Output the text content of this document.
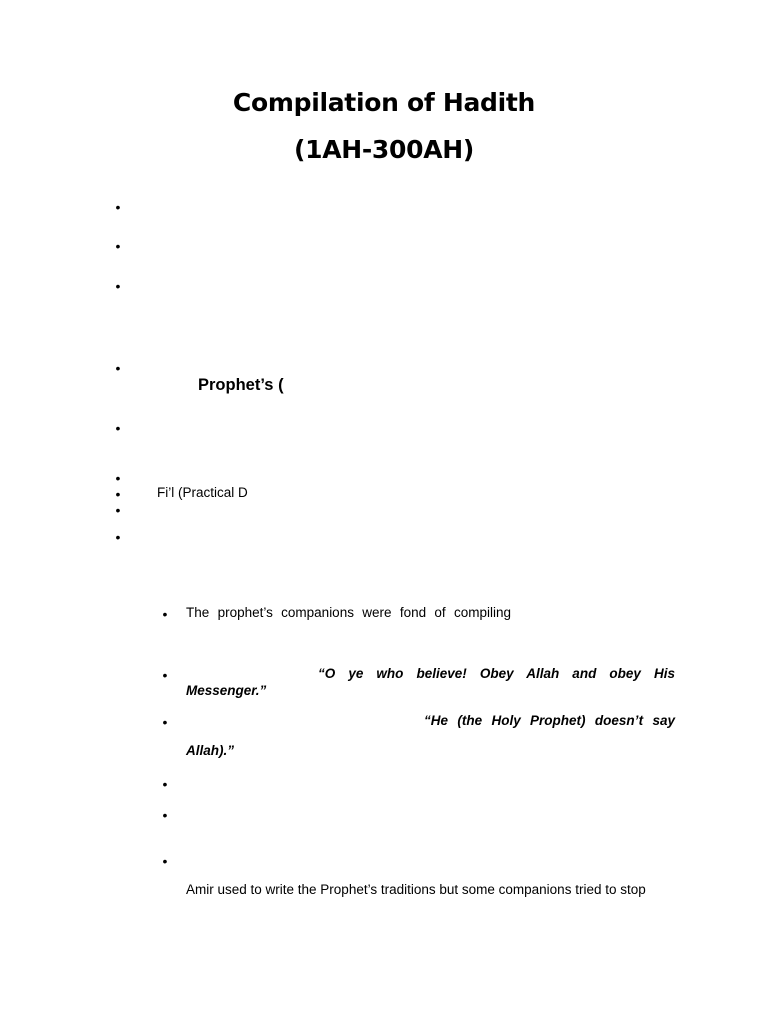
Compilation of Hadith
(1AH-300AH)
•
•
•
•
Prophet’s (
•
•
•	Fi’l (Practical D
•
•
• The prophet’s companions were fond of compiling
•	“O ye who believe! Obey Allah and obey His
Messenger.”
•	“He (the Holy Prophet) doesn’t say
Allah).”
•
•
•
Amir used to write the Prophet’s traditions but some companions tried to stop
